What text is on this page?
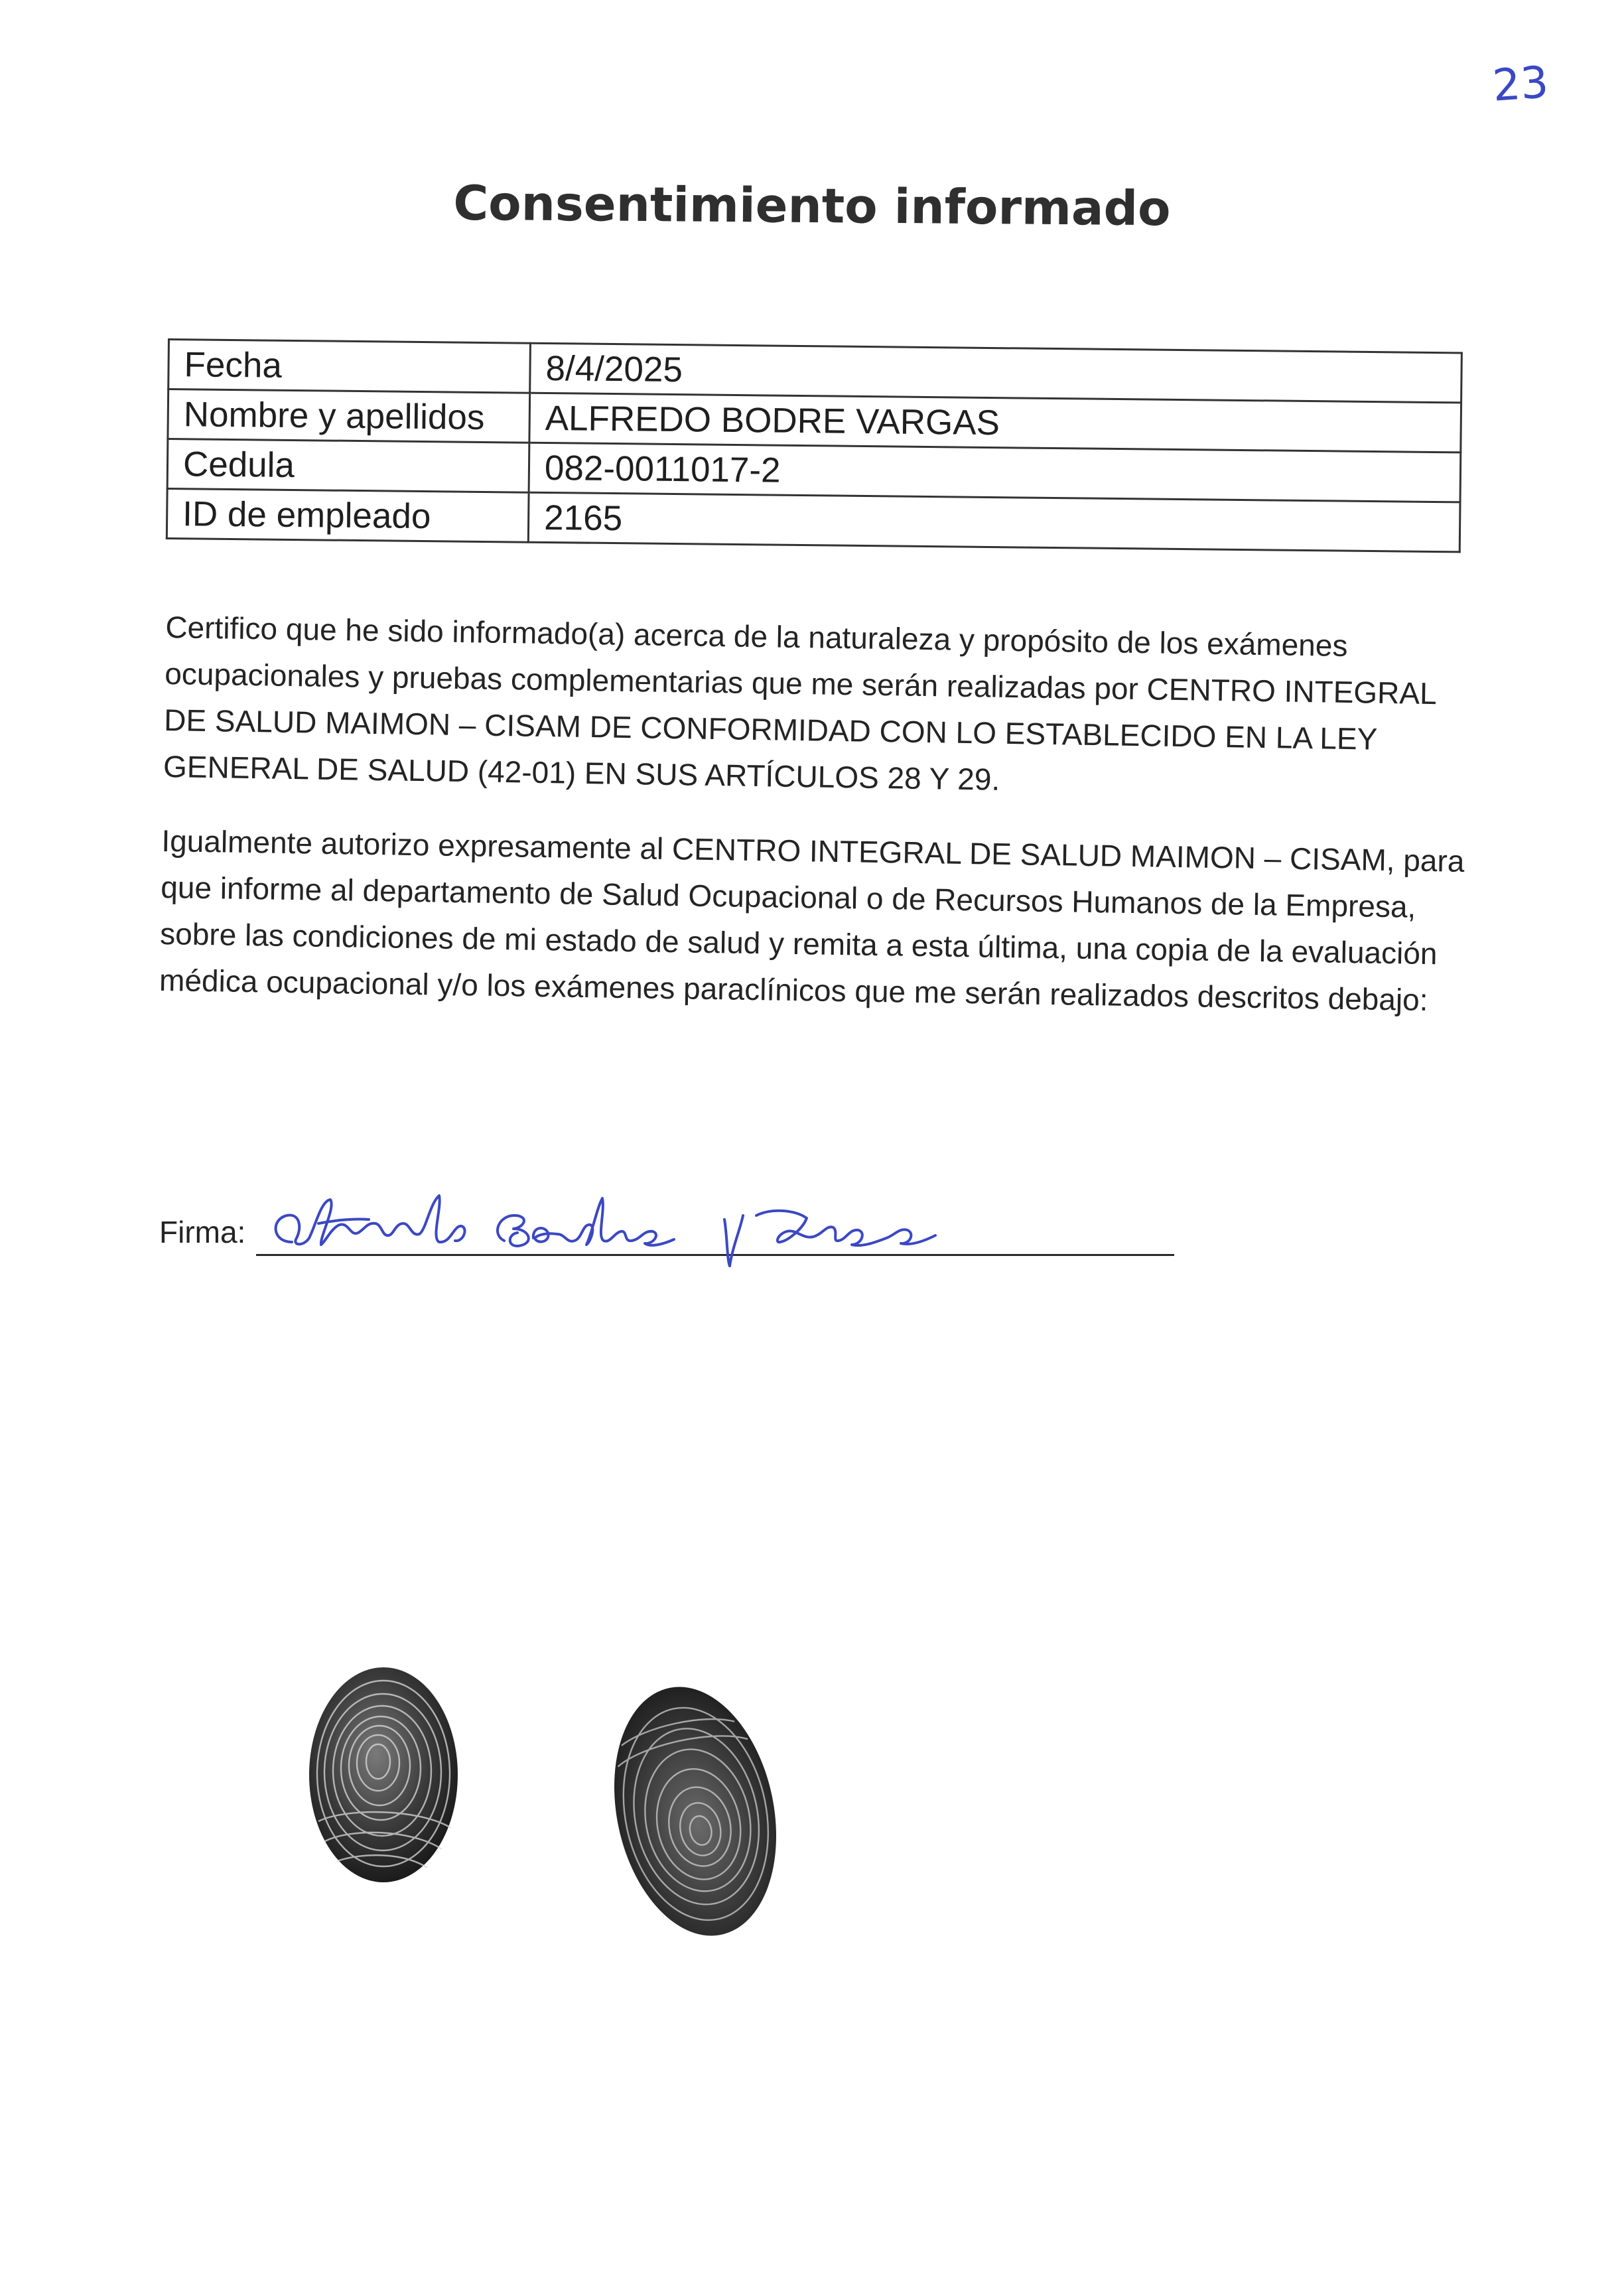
23
Consentimiento informado
Fecha	8/4/2025
Nombre y apellidos	ALFREDO BODRE VARGAS
Cedula	082-0011017-2
ID de empleado	2165

Certifico que he sido informado(a) acerca de la naturaleza y propósito de los exámenes ocupacionales y pruebas complementarias que me serán realizadas por CENTRO INTEGRAL DE SALUD MAIMON – CISAM DE CONFORMIDAD CON LO ESTABLECIDO EN LA LEY GENERAL DE SALUD (42-01) EN SUS ARTÍCULOS 28 Y 29.

Igualmente autorizo expresamente al CENTRO INTEGRAL DE SALUD MAIMON – CISAM, para que informe al departamento de Salud Ocupacional o de Recursos Humanos de la Empresa, sobre las condiciones de mi estado de salud y remita a esta última, una copia de la evaluación médica ocupacional y/o los exámenes paraclínicos que me serán realizados descritos debajo:

Firma:
